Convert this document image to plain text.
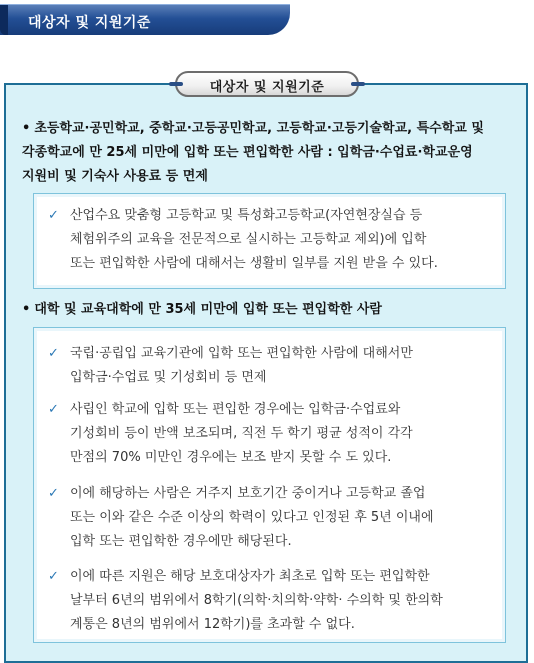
대상자 및 지원기준
대상자 및 지원기준
• 초등학교·공민학교, 중학교·고등공민학교, 고등학교·고등기술학교, 특수학교 및
각종학교에 만 25세 미만에 입학 또는 편입학한 사람 : 입학금·수업료·학교운영
지원비 및 기숙사 사용료 등 면제
✓ 산업수요 맞춤형 고등학교 및 특성화고등학교(자연현장실습 등
체험위주의 교육을 전문적으로 실시하는 고등학교 제외)에 입학
또는 편입학한 사람에 대해서는 생활비 일부를 지원 받을 수 있다.
• 대학 및 교육대학에 만 35세 미만에 입학 또는 편입학한 사람
✓ 국립·공립입 교육기관에 입학 또는 편입학한 사람에 대해서만
입학금·수업료 및 기성회비 등 면제
✓ 사립인 학교에 입학 또는 편입한 경우에는 입학금·수업료와
기성회비 등이 반액 보조되며, 직전 두 학기 평균 성적이 각각
만점의 70% 미만인 경우에는 보조 받지 못할 수 도 있다.
✓ 이에 해당하는 사람은 거주지 보호기간 중이거나 고등학교 졸업
또는 이와 같은 수준 이상의 학력이 있다고 인정된 후 5년 이내에
입학 또는 편입학한 경우에만 해당된다.
✓ 이에 따른 지원은 해당 보호대상자가 최초로 입학 또는 편입학한
날부터 6년의 범위에서 8학기(의학·치의학·약학· 수의학 및 한의학
계통은 8년의 범위에서 12학기)를 초과할 수 없다.
